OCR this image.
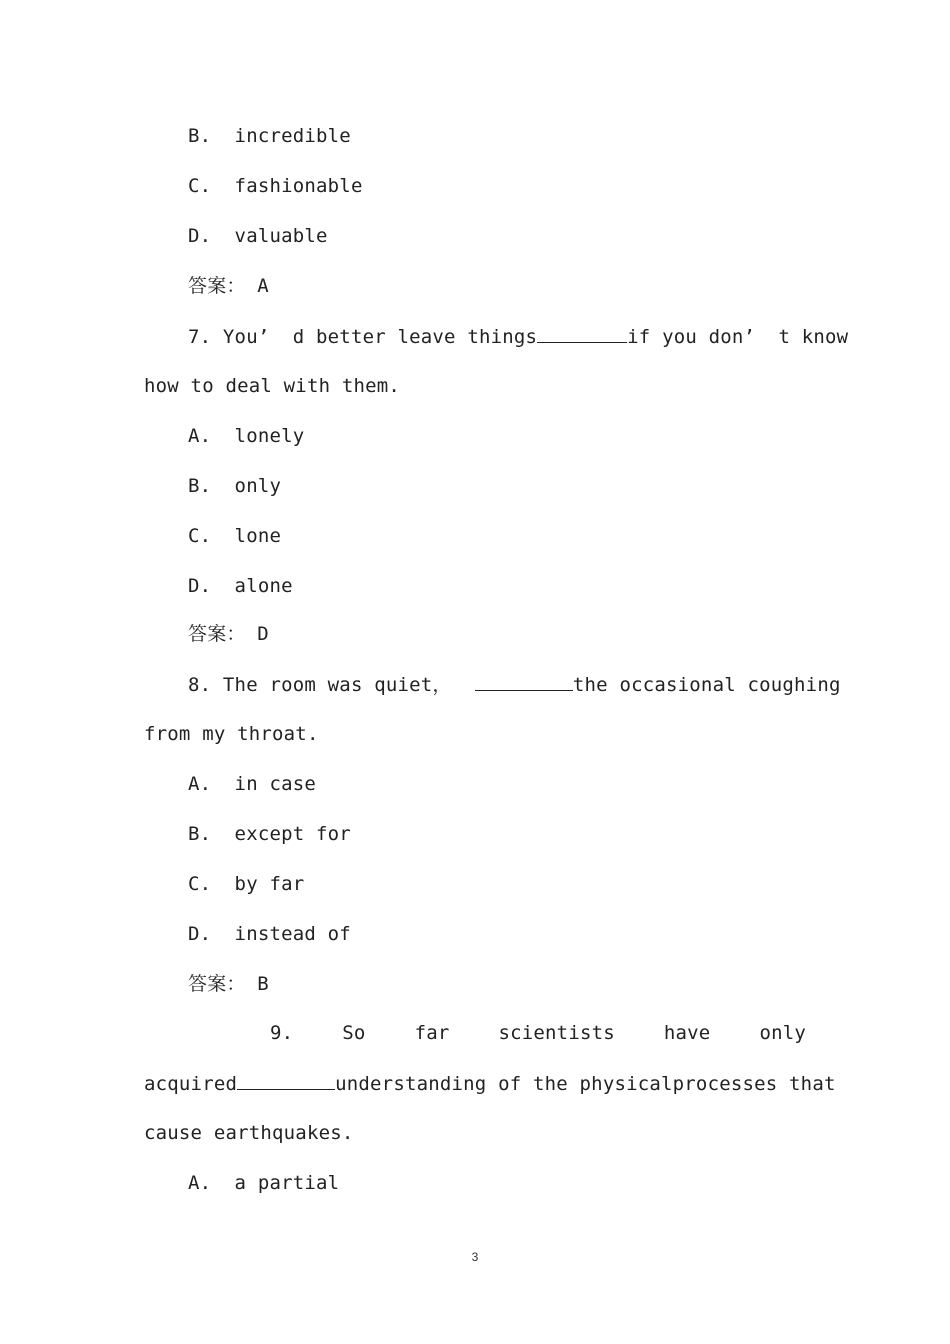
B.  incredible
C.  fashionable
D.  valuable
答案： A
7. You’  d better leave things	if you don’  t know
how to deal with them.
A.  lonely
B.  only
C.  lone
D.  alone
答案： D
8. The room was quiet，	the occasional coughing
from my throat.
A.  in case
B.  except for
C.  by far
D.  instead of
答案： B
9.	So	far	scientists	have	only
acquired	understanding of the physicalprocesses that
cause earthquakes.
A.  a partial
3
